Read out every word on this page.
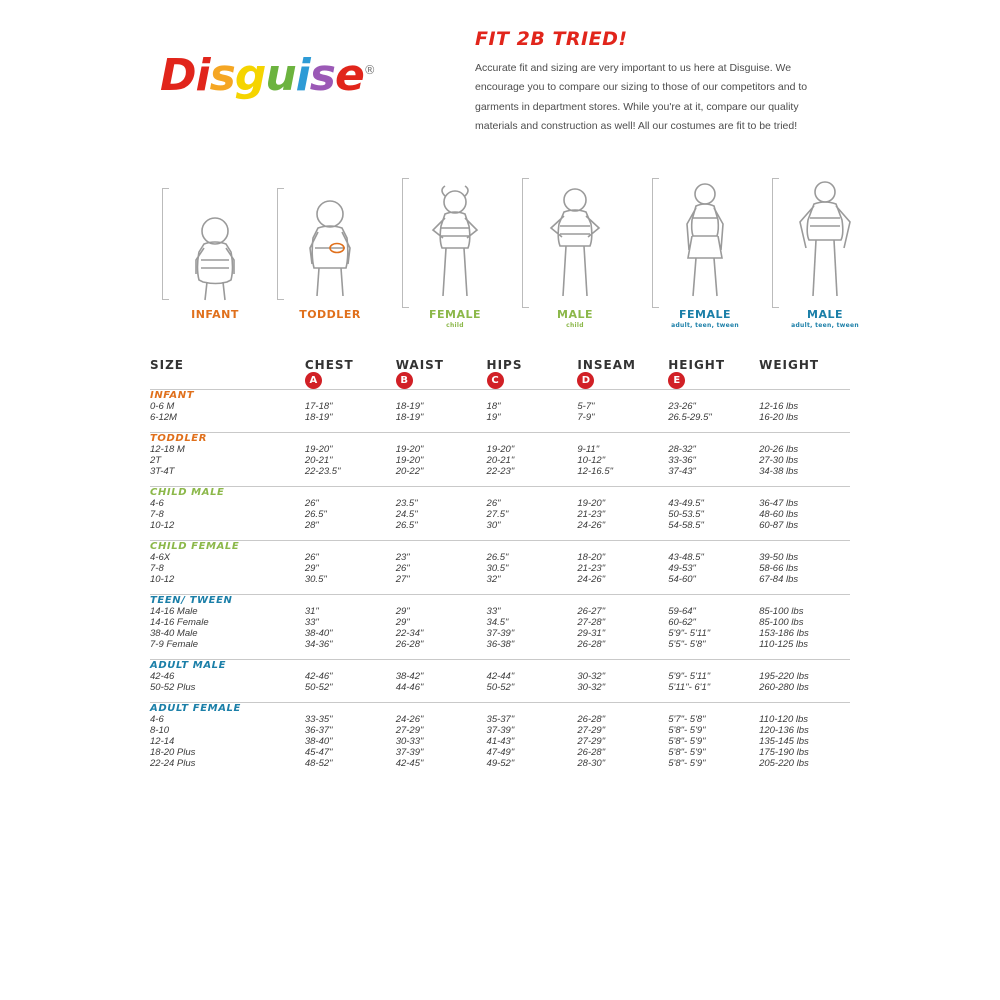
Disguise®
FIT 2B TRIED!
Accurate fit and sizing are very important to us here at Disguise. We encourage you to compare our sizing to those of our competitors and to garments in department stores. While you're at it, compare our quality materials and construction as well! All our costumes are fit to be tried!
INFANT	TODDLER	FEMALE
child
MALE
child
FEMALE
adult, teen, tween
MALE
adult, teen, tween
SIZE	CHEST	WAIST	HIPS	INSEAM	HEIGHT	WEIGHT
	A	B	C	D	E	
INFANT						
0-6 M	17-18"	18-19"	18"	5-7"	23-26"	12-16 lbs
6-12M	18-19"	18-19"	19"	7-9"	26.5-29.5"	16-20 lbs

TODDLER						
12-18 M	19-20"	19-20"	19-20"	9-11"	28-32"	20-26 lbs
2T	20-21"	19-20"	20-21"	10-12"	33-36"	27-30 lbs
3T-4T	22-23.5"	20-22"	22-23"	12-16.5"	37-43"	34-38 lbs

CHILD MALE						
4-6	26"	23.5"	26"	19-20"	43-49.5"	36-47 lbs
7-8	26.5"	24.5"	27.5"	21-23"	50-53.5"	48-60 lbs
10-12	28"	26.5"	30"	24-26"	54-58.5"	60-87 lbs

CHILD FEMALE						
4-6X	26"	23"	26.5"	18-20"	43-48.5"	39-50 lbs
7-8	29"	26"	30.5"	21-23"	49-53"	58-66 lbs
10-12	30.5"	27"	32"	24-26"	54-60"	67-84 lbs

TEEN/ TWEEN						
14-16 Male	31"	29"	33"	26-27"	59-64"	85-100 lbs
14-16 Female	33"	29"	34.5"	27-28"	60-62"	85-100 lbs
38-40 Male	38-40"	22-34"	37-39"	29-31"	5'9"- 5'11"	153-186 lbs
7-9 Female	34-36"	26-28"	36-38"	26-28"	5'5"- 5'8"	110-125 lbs

ADULT MALE						
42-46	42-46"	38-42"	42-44"	30-32"	5'9"- 5'11"	195-220 lbs
50-52 Plus	50-52"	44-46"	50-52"	30-32"	5'11"- 6'1"	260-280 lbs

ADULT FEMALE						
4-6	33-35"	24-26"	35-37"	26-28"	5'7"- 5'8"	110-120 lbs
8-10	36-37"	27-29"	37-39"	27-29"	5'8"- 5'9"	120-136 lbs
12-14	38-40"	30-33"	41-43"	27-29"	5'8"- 5'9"	135-145 lbs
18-20 Plus	45-47"	37-39"	47-49"	26-28"	5'8"- 5'9"	175-190 lbs
22-24 Plus	48-52"	42-45"	49-52"	28-30"	5'8"- 5'9"	205-220 lbs
